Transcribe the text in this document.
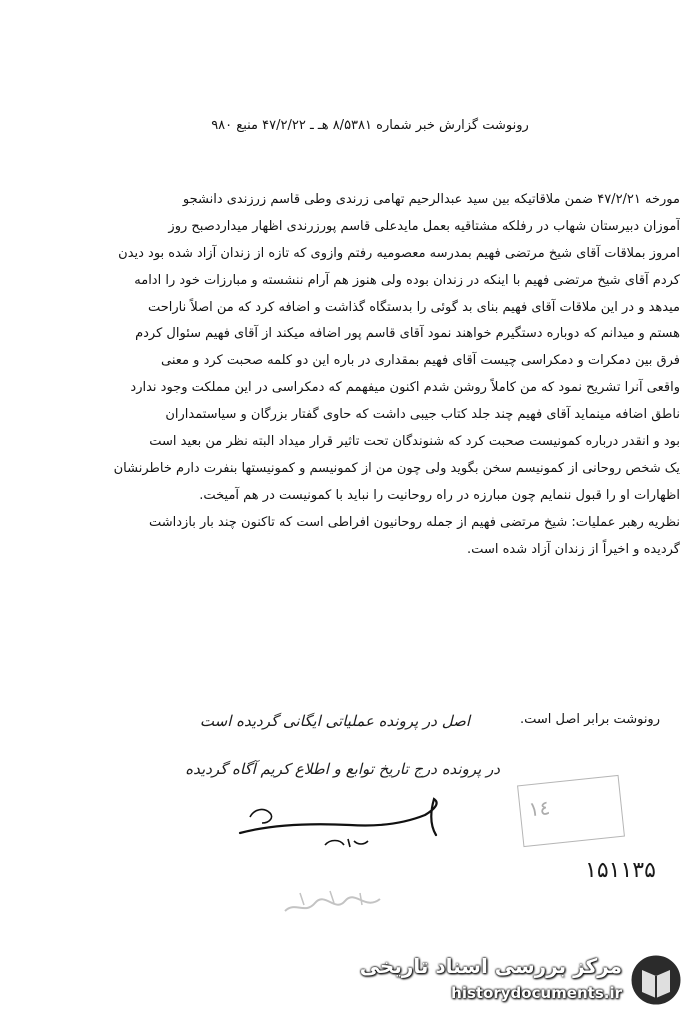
رونوشت گزارش خبر شماره ۸/۵۳۸۱ هـ ـ ۴۷/۲/۲۲ منبع ۹۸۰
مورخه ۴۷/۲/۲۱ ضمن ملاقاتیکه بین سید عبدالرحیم تهامی زرندی وطی قاسم زرزندی دانشجو
آموزان دبیرستان شهاب در رفلکه مشتاقیه بعمل مایدعلی قاسم پورزرندی اظهار میداردصبح روز
امروز بملاقات آقای شیخ مرتضی فهیم بمدرسه معصومیه رفتم وازوی که تازه از زندان آزاد شده بود دیدن
کردم آقای شیخ مرتضی فهیم با اینکه در زندان بوده ولی هنوز هم آرام ننشسته و مبارزات خود را ادامه
میدهد و در این ملاقات آقای فهیم بنای بد گوئی را بدستگاه گذاشت و اضافه کرد که من اصلاً ناراحت
هستم و میدانم که دوباره دستگیرم خواهند نمود آقای قاسم پور اضافه میکند از آقای فهیم سئوال کردم
فرق بین دمکرات و دمکراسی چیست آقای فهیم بمقداری در باره این دو کلمه صحبت کرد و معنی
واقعی آنرا تشریح نمود که من کاملاً روشن شدم اکنون میفهمم که دمکراسی در این مملکت وجود ندارد
ناطق اضافه مینماید آقای فهیم چند جلد کتاب جیبی داشت که حاوی گفتار بزرگان و سیاستمداران
بود و انقدر درباره کمونیست صحبت کرد که شنوندگان تحت تاثیر قرار میداد البته نظر من بعید است
یک شخص روحانی از کمونیسم سخن بگوید ولی چون من از کمونیسم و کمونیستها بنفرت دارم خاطرنشان
اظهارات او را قبول ننمایم چون مبارزه در راه روحانیت را نباید با کمونیست در هم آمیخت.
نظریه رهبر عملیات: شیخ مرتضی فهیم از جمله روحانیون افراطی است که تاکنون چند بار بازداشت
گردیده و اخیراً از زندان آزاد شده است.
رونوشت برابر اصل است.
اصل در پرونده عملیاتی ایگانی گردیده است
در پرونده درج تاریخ توابع و اطلاع کریم آگاه گردیده
١٤
۱۵۱۱۳۵
مرکز بررسی اسناد تاریخی
historydocuments.ir
